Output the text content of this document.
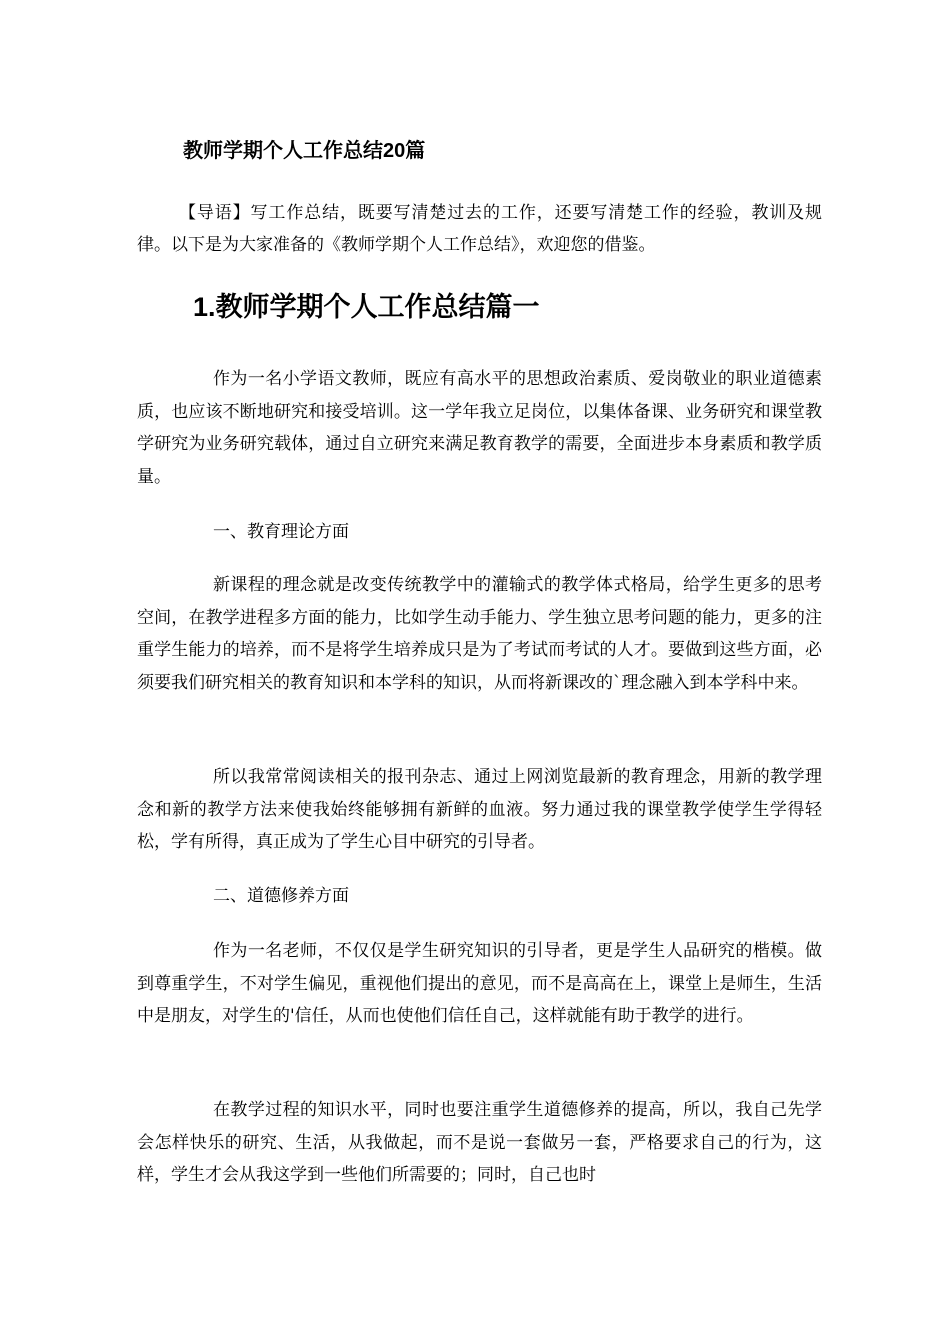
教师学期个人工作总结20篇

【导语】写工作总结，既要写清楚过去的工作，还要写清楚工作的经验，教训及规律。以下是为大家准备的《教师学期个人工作总结》，欢迎您的借鉴。

1.教师学期个人工作总结篇一

作为一名小学语文教师，既应有高水平的思想政治素质、爱岗敬业的职业道德素质，也应该不断地研究和接受培训。这一学年我立足岗位，以集体备课、业务研究和课堂教学研究为业务研究载体，通过自立研究来满足教育教学的需要，全面进步本身素质和教学质量。

一、教育理论方面

新课程的理念就是改变传统教学中的灌输式的教学体式格局，给学生更多的思考空间，在教学进程多方面的能力，比如学生动手能力、学生独立思考问题的能力，更多的注重学生能力的培养，而不是将学生培养成只是为了考试而考试的人才。要做到这些方面，必须要我们研究相关的教育知识和本学科的知识，从而将新课改的`理念融入到本学科中来。

所以我常常阅读相关的报刊杂志、通过上网浏览最新的教育理念，用新的教学理念和新的教学方法来使我始终能够拥有新鲜的血液。努力通过我的课堂教学使学生学得轻松，学有所得，真正成为了学生心目中研究的引导者。

二、道德修养方面

作为一名老师，不仅仅是学生研究知识的引导者，更是学生人品研究的楷模。做到尊重学生，不对学生偏见，重视他们提出的意见，而不是高高在上，课堂上是师生，生活中是朋友，对学生的'信任，从而也使他们信任自己，这样就能有助于教学的进行。

在教学过程的知识水平，同时也要注重学生道德修养的提高，所以，我自己先学会怎样快乐的研究、生活，从我做起，而不是说一套做另一套，严格要求自己的行为，这样，学生才会从我这学到一些他们所需要的；同时，自己也时
